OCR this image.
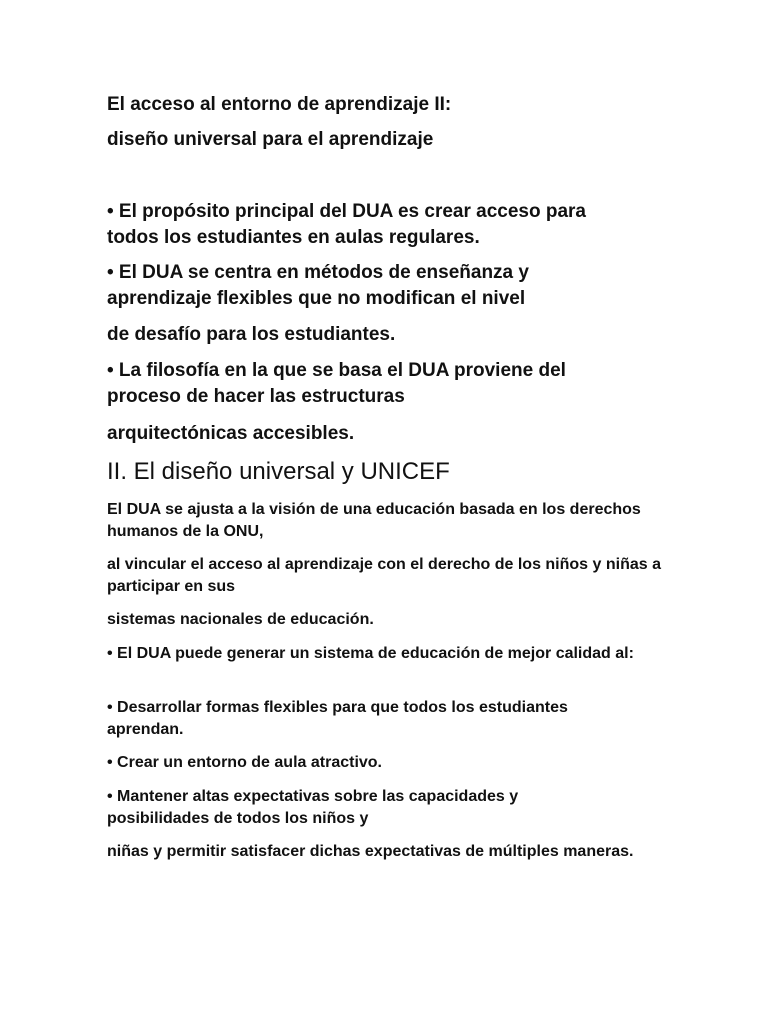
El acceso al entorno de aprendizaje II:

diseño universal para el aprendizaje

• El propósito principal del DUA es crear acceso para todos los estudiantes en aulas regulares.

• El DUA se centra en métodos de enseñanza y aprendizaje flexibles que no modifican el nivel

de desafío para los estudiantes.

• La filosofía en la que se basa el DUA proviene del proceso de hacer las estructuras

arquitectónicas accesibles.

II. El diseño universal y UNICEF

El DUA se ajusta a la visión de una educación basada en los derechos humanos de la ONU,

al vincular el acceso al aprendizaje con el derecho de los niños y niñas a participar en sus

sistemas nacionales de educación.

• El DUA puede generar un sistema de educación de mejor calidad al:

• Desarrollar formas flexibles para que todos los estudiantes aprendan.

• Crear un entorno de aula atractivo.

• Mantener altas expectativas sobre las capacidades y posibilidades de todos los niños y

niñas y permitir satisfacer dichas expectativas de múltiples maneras.
